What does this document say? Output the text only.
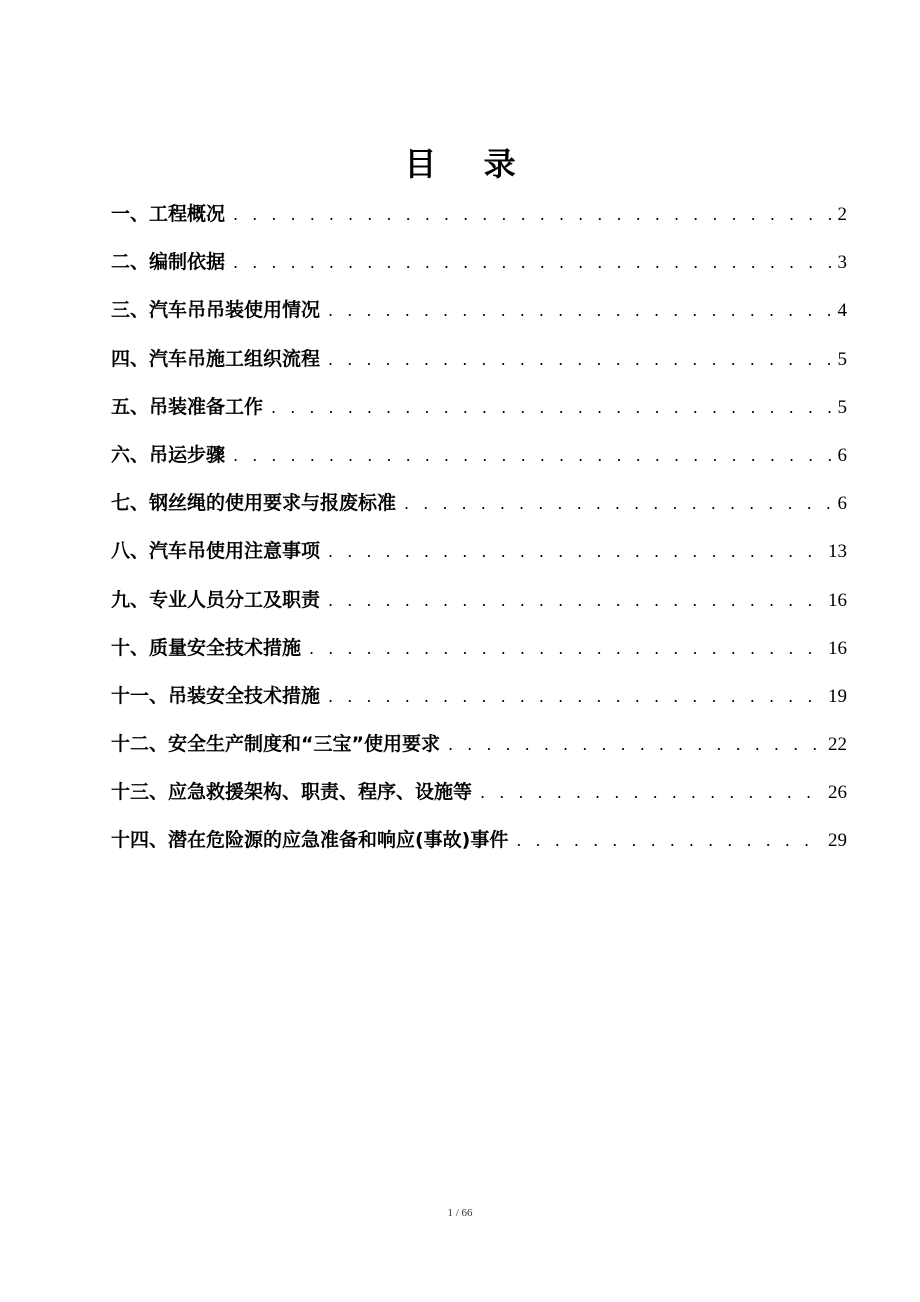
目 录
一、工程概况 . . .	2
二、编制依据 . . .	3
三、汽车吊吊装使用情况 . . .	4
四、汽车吊施工组织流程 . . .	5
五、吊装准备工作 . . .	5
六、吊运步骤 . . .	6
七、钢丝绳的使用要求与报废标准 . . .	6
八、汽车吊使用注意事项 . . .	13
九、专业人员分工及职责 . . .	16
十、质量安全技术措施 . . .	16
十一、吊装安全技术措施 . . .	19
十二、安全生产制度和“三宝”使用要求 . . .	22
十三、应急救援架构、职责、程序、设施等 . . .	26
十四、潜在危险源的应急准备和响应(事故)事件 . . .	29
1 / 66
